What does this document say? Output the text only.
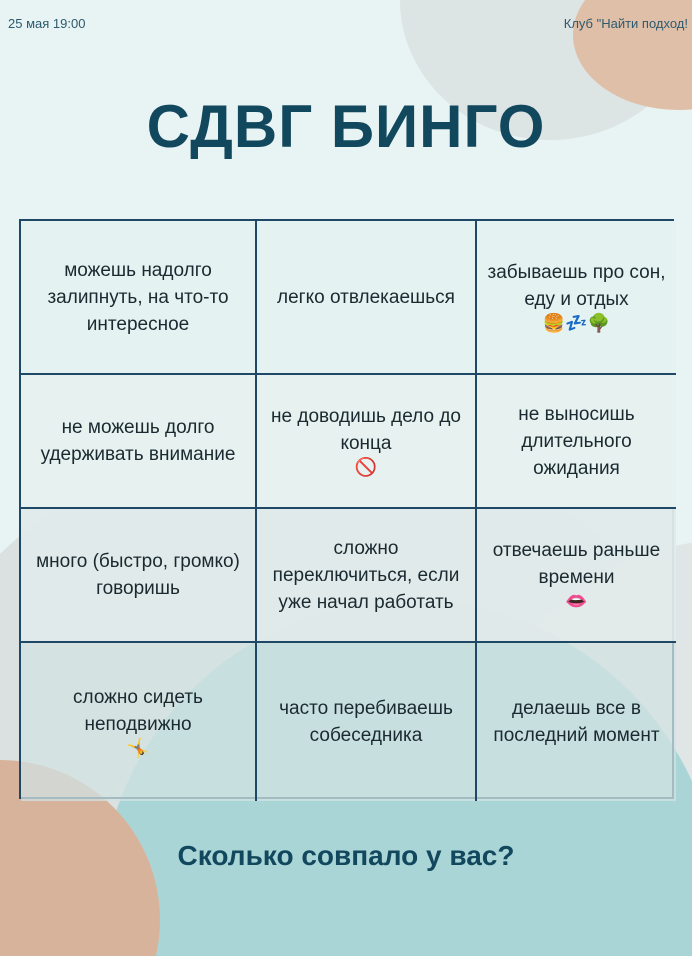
25 мая 19:00	Клуб "Найти подход!
СДВГ БИНГО
можешь надолго залипнуть, на что-то интересное
легко отвлекаешься
забываешь про сон, еду и отдых
🍔💤🌳
не можешь долго удерживать внимание
не доводишь дело до конца
🚫
не выносишь длительного ожидания
много (быстро, громко) говоришь
сложно переключиться, если уже начал работать
отвечаешь раньше времени
👄
сложно сидеть неподвижно
🤸
часто перебиваешь собеседника
делаешь все в последний момент
Сколько совпало у вас?
